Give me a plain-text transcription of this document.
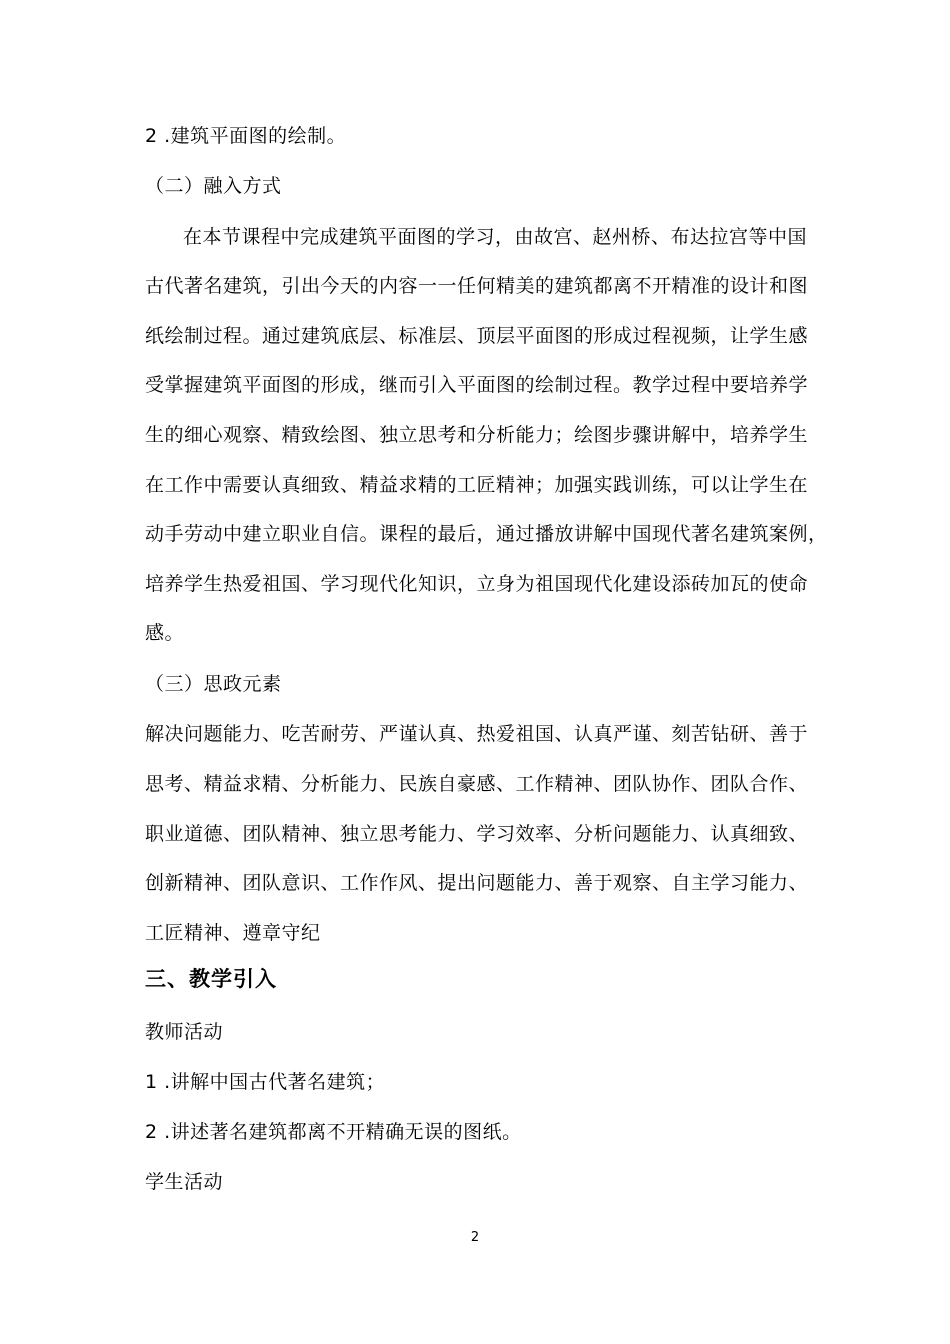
2 .建筑平面图的绘制。
（二）融入方式
在本节课程中完成建筑平面图的学习，由故宫、赵州桥、布达拉宫等中国
古代著名建筑，引出今天的内容一一任何精美的建筑都离不开精准的设计和图
纸绘制过程。通过建筑底层、标准层、顶层平面图的形成过程视频，让学生感
受掌握建筑平面图的形成，继而引入平面图的绘制过程。教学过程中要培养学
生的细心观察、精致绘图、独立思考和分析能力；绘图步骤讲解中，培养学生
在工作中需要认真细致、精益求精的工匠精神；加强实践训练，可以让学生在
动手劳动中建立职业自信。课程的最后，通过播放讲解中国现代著名建筑案例，
培养学生热爱祖国、学习现代化知识，立身为祖国现代化建设添砖加瓦的使命
感。
（三）思政元素
解决问题能力、吃苦耐劳、严谨认真、热爱祖国、认真严谨、刻苦钻研、善于
思考、精益求精、分析能力、民族自豪感、工作精神、团队协作、团队合作、
职业道德、团队精神、独立思考能力、学习效率、分析问题能力、认真细致、
创新精神、团队意识、工作作风、提出问题能力、善于观察、自主学习能力、
工匠精神、遵章守纪
三、教学引入
教师活动
1 .讲解中国古代著名建筑；
2 .讲述著名建筑都离不开精确无误的图纸。
学生活动
2
